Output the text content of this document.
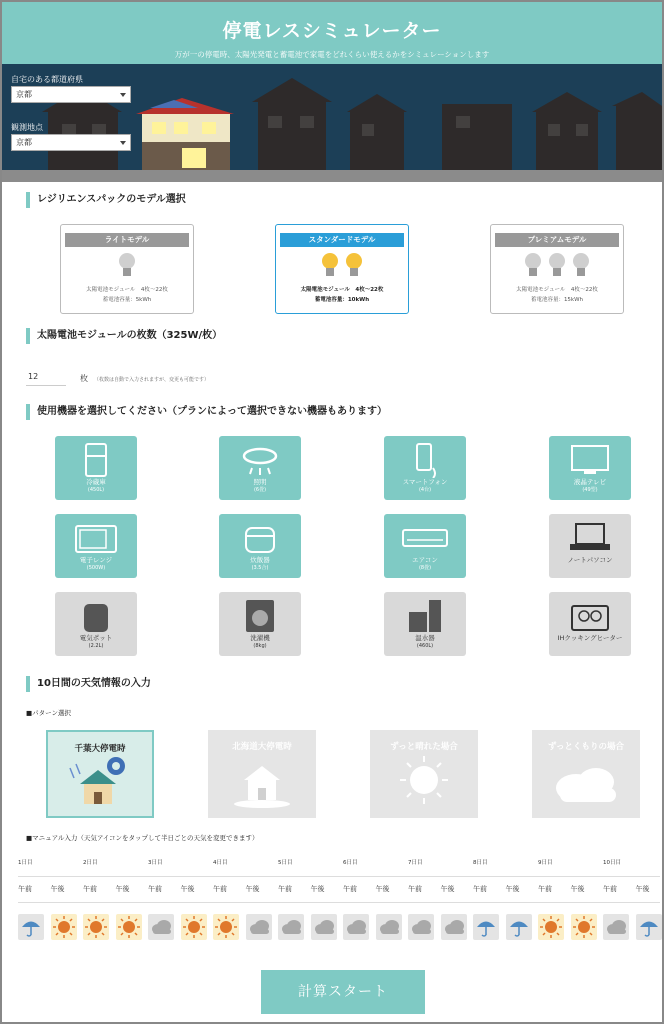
停電レスシミュレーター

万が一の停電時、太陽光発電と蓄電池で家電をどれくらい使えるかをシミュレーションします

自宅のある都道府県
京都
観測地点
京都
レジリエンスパックのモデル選択
ライトモデル
太陽電池モジュール　4枚〜22枚
蓄電池容量：5kWh
スタンダードモデル
太陽電池モジュール　4枚〜22枚
蓄電池容量：10kWh
プレミアムモデル
太陽電池モジュール　4枚〜22枚
蓄電池容量：15kWh
太陽電池モジュールの枚数（325W/枚）
12	枚 （枚数は自動で入力されますが、変更も可能です）
使用機器を選択してください（プランによって選択できない機器もあります）
冷蔵庫
(450L)
照明
(6畳)
スマートフォン
(4台)
液晶テレビ
(49型)
電子レンジ
(500W)
炊飯器
(3.5合)
エアコン
(8畳)
ノートパソコン
電気ポット
(2.2L)
洗濯機
(8kg)
温水器
(460L)
IHクッキングヒーター
10日間の天気情報の入力
■パターン選択
千葉大停電時	北海道大停電時	ずっと晴れた場合	ずっとくもりの場合
■マニュアル入力（天気アイコンをタップして半日ごとの天気を変更できます）
1日目	2日目	3日目	4日目	5日目	6日目	7日目	8日目	9日目	10日目
午前	午後	午前	午後	午前	午後	午前	午後	午前	午後	午前	午後	午前	午後	午前	午後	午前	午後	午前	午後
計算スタート
